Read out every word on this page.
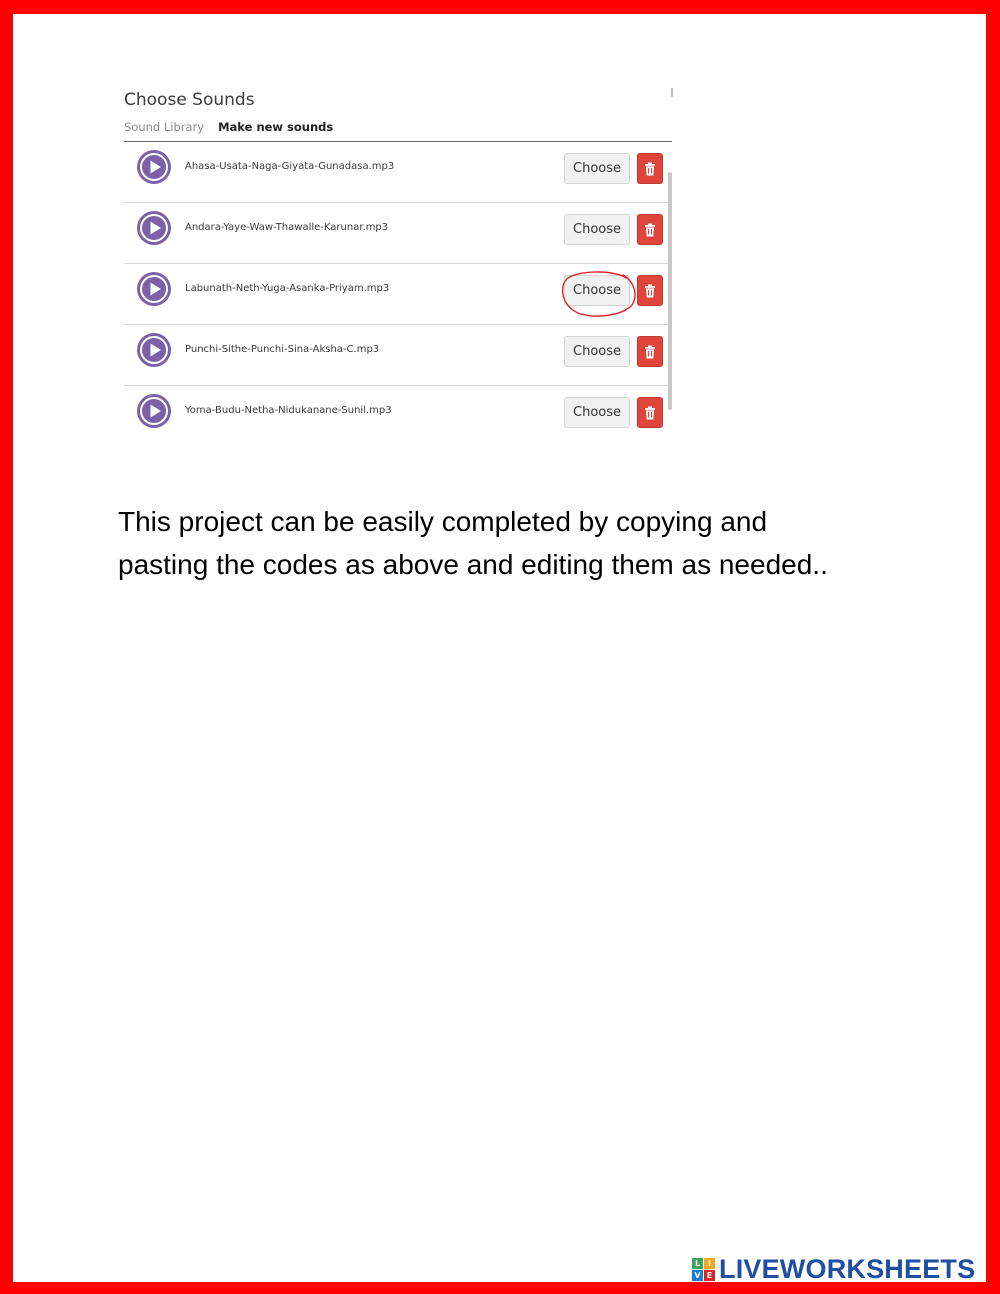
Choose Sounds
Sound Library Make new sounds
Ahasa-Usata-Naga-Giyata-Gunadasa.mp3	Choose
Andara-Yaye-Waw-Thawalle-Karunar.mp3	Choose
Labunath-Neth-Yuga-Asanka-Priyam.mp3	Choose
Punchi-Sithe-Punchi-Sina-Aksha-C.mp3	Choose
Yoma-Budu-Netha-Nidukanane-Sunil.mp3	Choose
This project can be easily completed by copying and
pasting the codes as above and editing them as needed..
L I
V E LIVEWORKSHEETS
